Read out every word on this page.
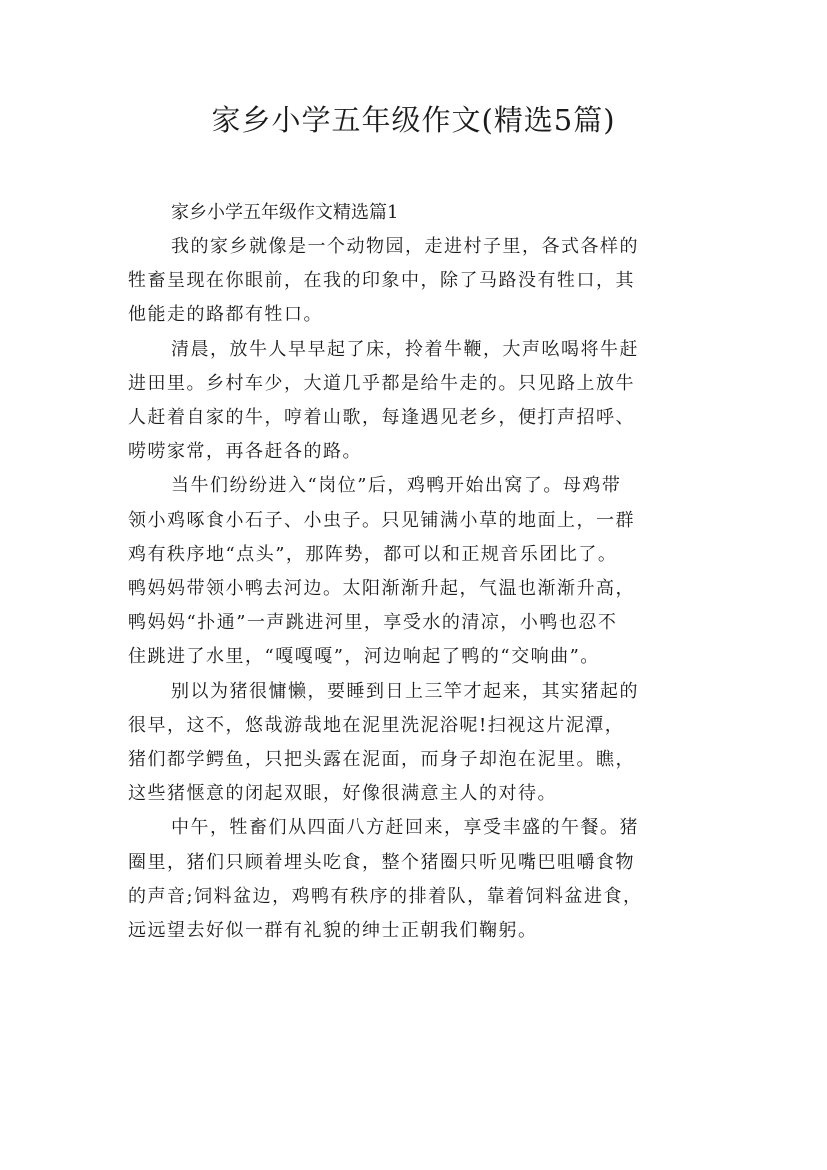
家乡小学五年级作文(精选5篇)
家乡小学五年级作文精选篇1

我的家乡就像是一个动物园，走进村子里，各式各样的
牲畜呈现在你眼前，在我的印象中，除了马路没有牲口，其
他能走的路都有牲口。

清晨，放牛人早早起了床，拎着牛鞭，大声吆喝将牛赶
进田里。乡村车少，大道几乎都是给牛走的。只见路上放牛
人赶着自家的牛，哼着山歌，每逢遇见老乡，便打声招呼、
唠唠家常，再各赶各的路。

当牛们纷纷进入“岗位”后，鸡鸭开始出窝了。母鸡带
领小鸡啄食小石子、小虫子。只见铺满小草的地面上，一群
鸡有秩序地“点头”，那阵势，都可以和正规音乐团比了。
鸭妈妈带领小鸭去河边。太阳渐渐升起，气温也渐渐升高，
鸭妈妈“扑通”一声跳进河里，享受水的清凉，小鸭也忍不
住跳进了水里，“嘎嘎嘎”，河边响起了鸭的“交响曲”。

别以为猪很慵懒，要睡到日上三竿才起来，其实猪起的
很早，这不，悠哉游哉地在泥里洗泥浴呢!扫视这片泥潭，
猪们都学鳄鱼，只把头露在泥面，而身子却泡在泥里。瞧，
这些猪惬意的闭起双眼，好像很满意主人的对待。

中午，牲畜们从四面八方赶回来，享受丰盛的午餐。猪
圈里，猪们只顾着埋头吃食，整个猪圈只听见嘴巴咀嚼食物
的声音;饲料盆边，鸡鸭有秩序的排着队，靠着饲料盆进食，
远远望去好似一群有礼貌的绅士正朝我们鞠躬。
